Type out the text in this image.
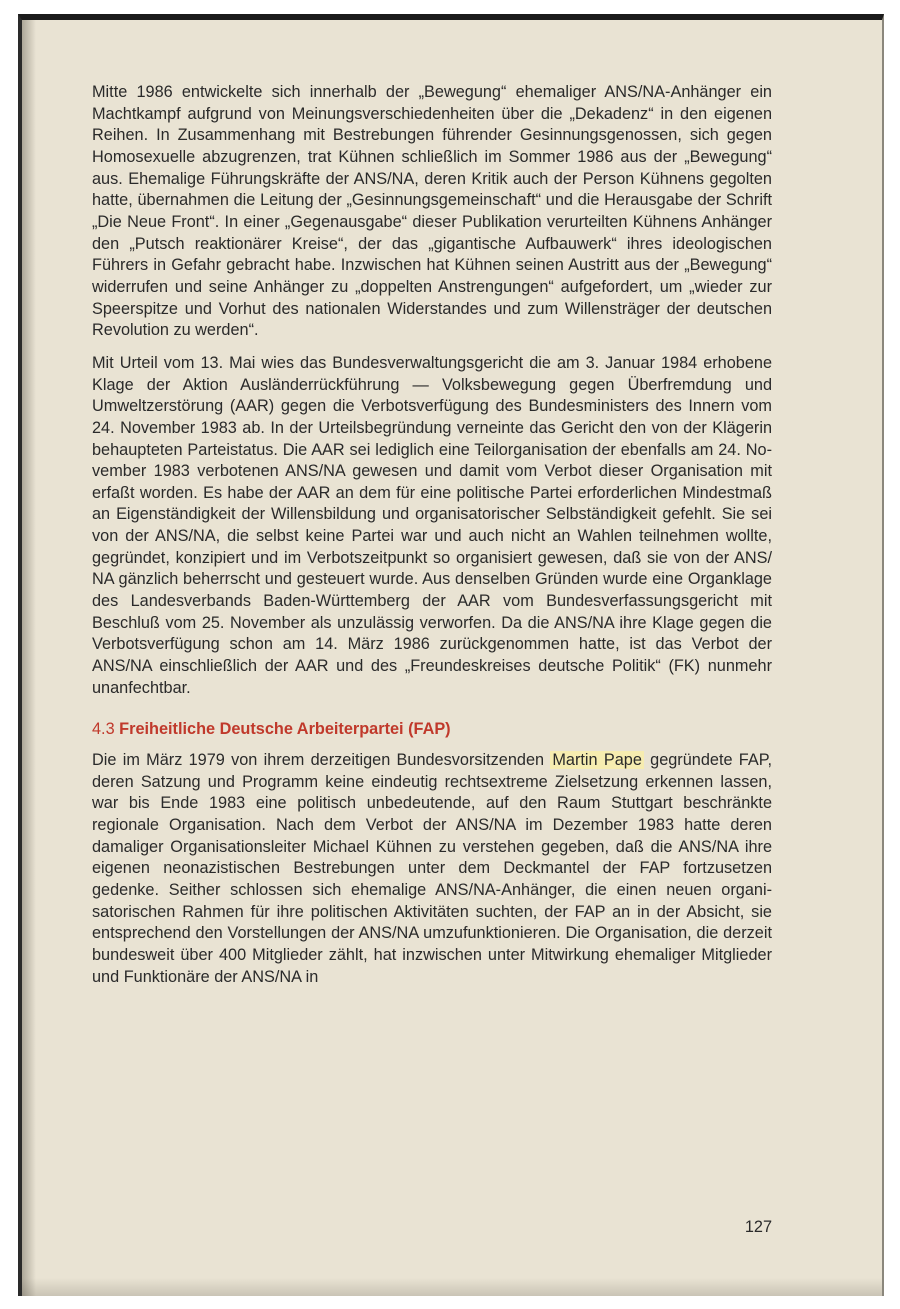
Mitte 1986 entwickelte sich innerhalb der „Bewegung“ ehemaliger ANS/NA-Anhänger ein Machtkampf aufgrund von Meinungsverschiedenheiten über die „Dekadenz“ in den eigenen Reihen. In Zusammenhang mit Bestrebungen führender Gesinnungsgenossen, sich gegen Homosexuelle abzugrenzen, trat Kühnen schließlich im Sommer 1986 aus der „Bewegung“ aus. Ehemalige Führungskräfte der ANS/NA, deren Kritik auch der Person Kühnens gegolten hatte, übernahmen die Leitung der „Gesinnungsgemeinschaft“ und die Herausgabe der Schrift „Die Neue Front“. In einer „Gegenausgabe“ dieser Publikation verurteilten Kühnens Anhänger den „Putsch reaktionärer Kreise“, der das „gigantische Aufbauwerk“ ihres ideologischen Führers in Gefahr gebracht habe. Inzwischen hat Kühnen seinen Austritt aus der „Bewegung“ widerrufen und seine Anhänger zu „doppelten Anstrengungen“ aufgefordert, um „wieder zur Speerspitze und Vorhut des nationalen Widerstandes und zum Willensträger der deutschen Revolution zu werden“.

Mit Urteil vom 13. Mai wies das Bundesverwaltungsgericht die am 3. Januar 1984 erhobene Klage der Aktion Ausländerrückführung — Volksbewegung gegen Überfremdung und Umweltzerstörung (AAR) gegen die Verbotsverfügung des Bundesministers des Innern vom 24. November 1983 ab. In der Urteilsbegründung verneinte das Gericht den von der Klägerin behaupteten Parteistatus. Die AAR sei lediglich eine Teilorganisation der ebenfalls am 24. November 1983 verbotenen ANS/NA gewesen und damit vom Verbot dieser Organisation mit erfaßt worden. Es habe der AAR an dem für eine politische Partei erforderlichen Mindestmaß an Eigenständigkeit der Willensbildung und organisatorischer Selbständigkeit gefehlt. Sie sei von der ANS/NA, die selbst keine Partei war und auch nicht an Wahlen teilnehmen wollte, gegründet, konzipiert und im Verbotszeitpunkt so organisiert gewesen, daß sie von der ANS/ NA gänzlich beherrscht und gesteuert wurde. Aus denselben Gründen wurde eine Organklage des Landesverbands Baden-Württemberg der AAR vom Bundesverfassungsgericht mit Beschluß vom 25. November als unzulässig verworfen. Da die ANS/NA ihre Klage gegen die Verbotsverfügung schon am 14. März 1986 zurückgenommen hatte, ist das Verbot der ANS/NA einschließlich der AAR und des „Freundeskreises deutsche Politik“ (FK) nunmehr unanfechtbar.

4.3 Freiheitliche Deutsche Arbeiterpartei (FAP)

Die im März 1979 von ihrem derzeitigen Bundesvorsitzenden Martin Pape gegründete FAP, deren Satzung und Programm keine eindeutig rechtsextreme Zielsetzung erkennen lassen, war bis Ende 1983 eine politisch unbedeutende, auf den Raum Stuttgart beschränkte regionale Organisation. Nach dem Verbot der ANS/NA im Dezember 1983 hatte deren damaliger Organisationsleiter Michael Kühnen zu verstehen gegeben, daß die ANS/NA ihre eigenen neonazistischen Bestrebungen unter dem Deckmantel der FAP fortzusetzen gedenke. Seither schlossen sich ehemalige ANS/NA-Anhänger, die einen neuen organisatorischen Rahmen für ihre politischen Aktivitäten suchten, der FAP an in der Absicht, sie entsprechend den Vorstellungen der ANS/NA umzufunktionieren. Die Organisation, die derzeit bundesweit über 400 Mitglieder zählt, hat inzwischen unter Mitwirkung ehemaliger Mitglieder und Funktionäre der ANS/NA in

127
